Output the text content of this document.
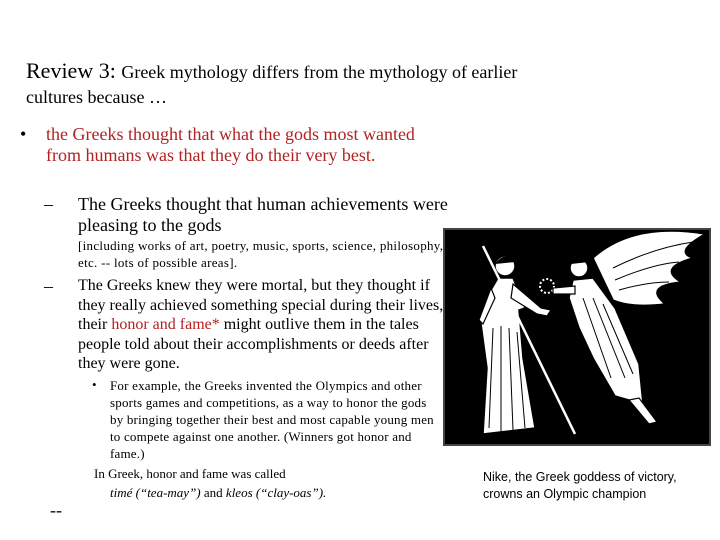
Review 3: Greek mythology differs from the mythology of earlier
cultures because …
• the Greeks thought that what the gods most wanted from humans was that they do their very best.
– The Greeks thought that human achievements were pleasing to the gods
[including works of art, poetry, music, sports, science, philosophy, etc. -- lots of possible areas].
– The Greeks knew they were mortal, but they thought if they really achieved something special during their lives, their honor and fame* might outlive them in the tales people told about their accomplishments or deeds after they were gone.
• For example, the Greeks invented the Olympics and other sports games and competitions, as a way to honor the gods by bringing together their best and most capable young men to compete against one another. (Winners got honor and fame.)
In Greek, honor and fame was called
timé (“tea-may”) and kleos (“clay-oas”).
--
Nike, the Greek goddess of victory, crowns an Olympic champion
